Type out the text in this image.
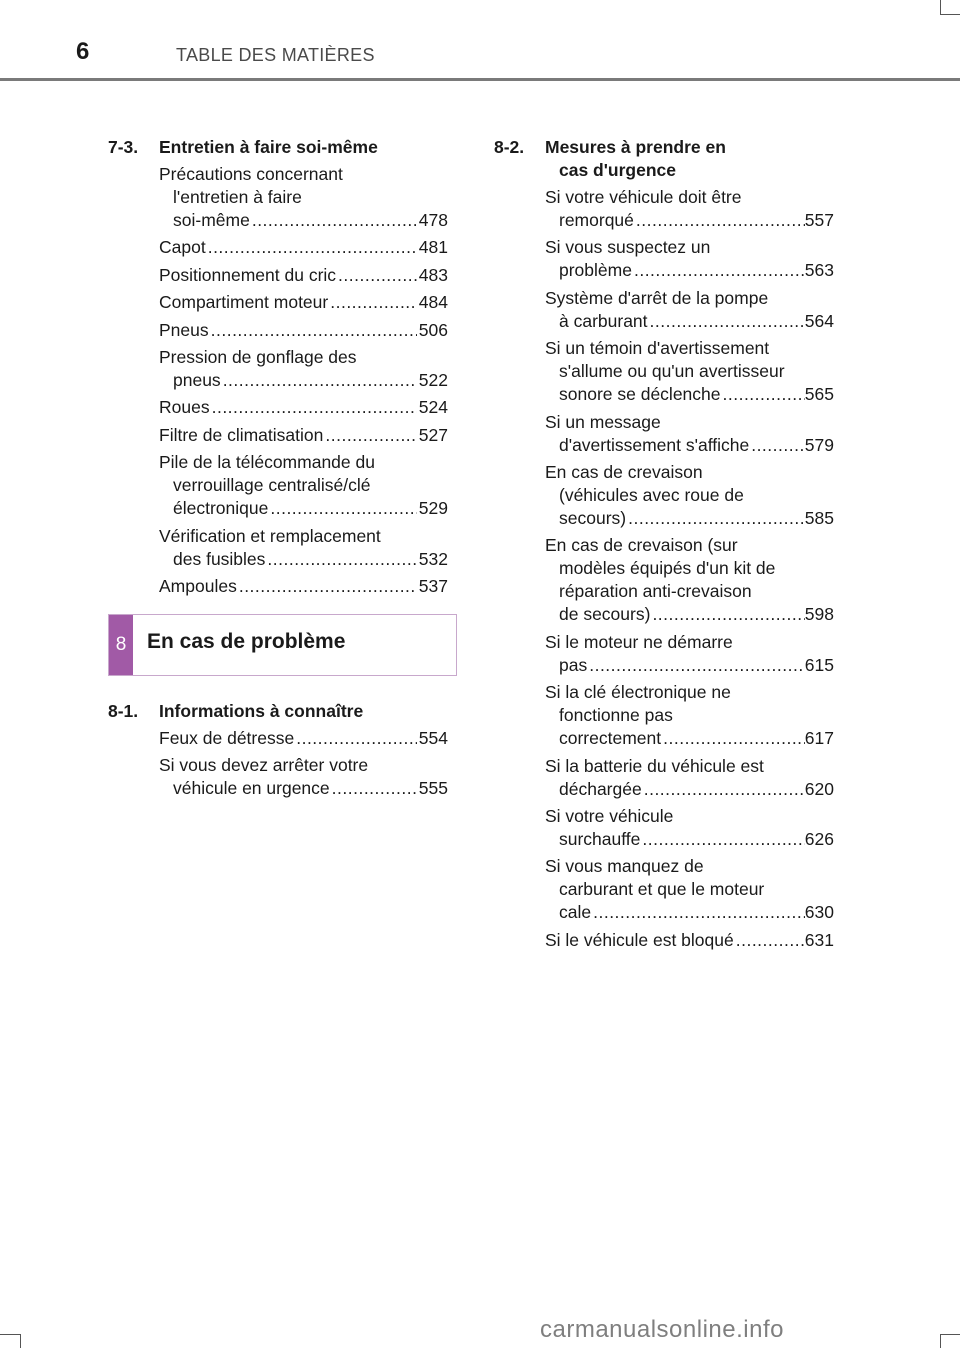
6	TABLE DES MATIÈRES
7-3.	Entretien à faire soi-même
Précautions concernant
l'entretien à faire
soi-même .....	478
Capot .....	481
Positionnement du cric .....	483
Compartiment moteur .....	484
Pneus .....	506
Pression de gonflage des
pneus .....	522
Roues .....	524
Filtre de climatisation .....	527
Pile de la télécommande du
verrouillage centralisé/clé
électronique .....	529
Vérification et remplacement
des fusibles .....	532
Ampoules .....	537
8 En cas de problème
8-1.	Informations à connaître
Feux de détresse .....	554
Si vous devez arrêter votre
véhicule en urgence .....	555
8-2.	Mesures à prendre en
cas d'urgence
Si votre véhicule doit être
remorqué .....	557
Si vous suspectez un
problème .....	563
Système d'arrêt de la pompe
à carburant .....	564
Si un témoin d'avertissement
s'allume ou qu'un avertisseur
sonore se déclenche .....	565
Si un message
d'avertissement s'affiche .....	579
En cas de crevaison
(véhicules avec roue de
secours) .....	585
En cas de crevaison (sur
modèles équipés d'un kit de
réparation anti-crevaison
de secours) .....	598
Si le moteur ne démarre
pas .....	615
Si la clé électronique ne
fonctionne pas
correctement .....	617
Si la batterie du véhicule est
déchargée .....	620
Si votre véhicule
surchauffe .....	626
Si vous manquez de
carburant et que le moteur
cale .....	630
Si le véhicule est bloqué .....	631
carmanualsonline.info
